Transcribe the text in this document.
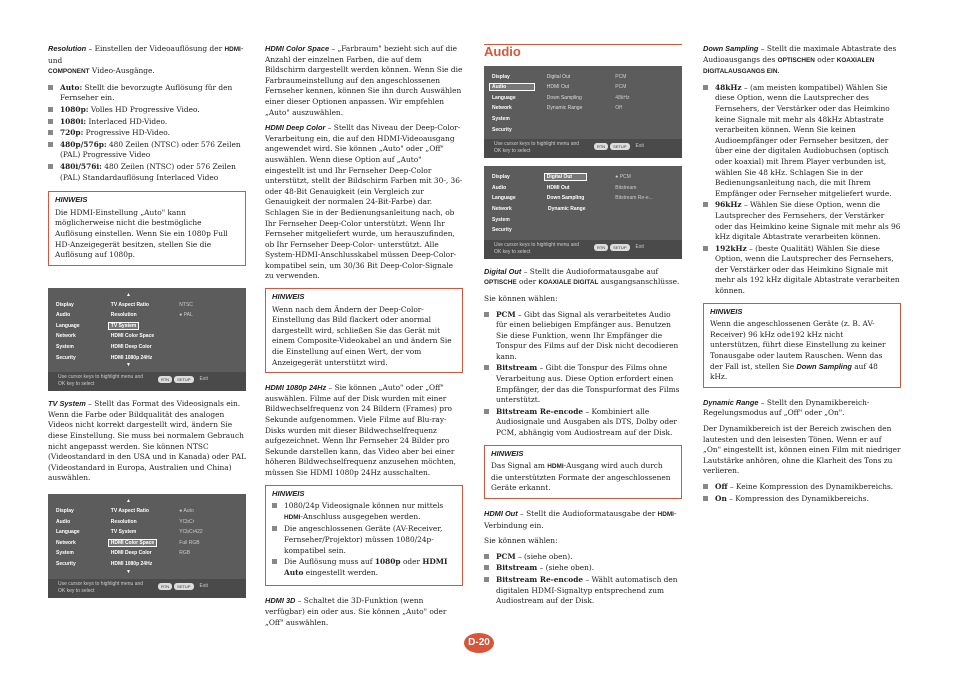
Resolution – Einstellen der Videoauflösung der HDMI- und
COMPONENT Video-Ausgänge.

Auto: Stellt die bevorzugte Auflösung für den Fernseher ein.
1080p: Volles HD Progressive Video.
1080i: Interlaced HD-Video.
720p: Progressive HD-Video.
480p/576p: 480 Zeilen (NTSC) oder 576 Zeilen (PAL) Progressive Video
480i/576i: 480 Zeilen (NTSC) oder 576 Zeilen (PAL) Standardauflösung Interlaced Video
HINWEIS
Die HDMI-Einstellung „Auto" kann möglicherweise nicht die bestmögliche Auflösung einstellen. Wenn Sie ein 1080p Full HD-Anzeigegerät besitzen, stellen Sie die Auflösung auf 1080p.
▲
Display	TV Aspect Ratio	NTSC
Audio	Resolution	● PAL
Language	TV System
Network	HDMI Color Space
System	HDMI Deep Color
Security	HDMI 1080p 24Hz
▼
Use cursor keys to highlight menu and
OK key to select
RTN	SETUP	Exit

TV System – Stellt das Format des Videosignals ein. Wenn die Farbe oder Bildqualität des analogen Videos nicht korrekt dargestellt wird, ändern Sie diese Einstellung. Sie muss bei normalem Gebrauch nicht angepasst werden. Sie können NTSC (Videostandard in den USA und in Kanada) oder PAL (Videostandard in Europa, Australien und China) auswählen.

▲
Display	TV Aspect Ratio	● Auto
Audio	Resolution	YCbCr
Language	TV System	YCbCr422
Network	HDMI Color Space	Full RGB
System	HDMI Deep Color	RGB
Security	HDMI 1080p 24Hz
▼
Use cursor keys to highlight menu and
OK key to select
RTN	SETUP	Exit

HDMI Color Space – „Farbraum" bezieht sich auf die Anzahl der einzelnen Farben, die auf dem Bildschirm dargestellt werden können. Wenn Sie die Farbraumeinstellung auf den angeschlossenen Fernseher kennen, können Sie ihn durch Auswählen einer dieser Optionen anpassen. Wir empfehlen „Auto" auszuwählen.

HDMI Deep Color – Stellt das Niveau der Deep-Color-Verarbeitung ein, die auf den HDMI-Videoausgang angewendet wird. Sie können „Auto" oder „Off" auswählen. Wenn diese Option auf „Auto" eingestellt ist und Ihr Fernseher Deep-Color unterstützt, stellt der Bildschirm Farben mit 30-, 36- oder 48-Bit Genauigkeit (ein Vergleich zur Genauigkeit der normalen 24-Bit-Farbe) dar. Schlagen Sie in der Bedienungsanleitung nach, ob Ihr Fernseher Deep-Color unterstützt. Wenn Ihr Fernseher mitgeliefert wurde, um herauszufinden, ob Ihr Fernseher Deep-Color- unterstützt. Alle System-HDMI-Anschlusskabel müssen Deep-Color-kompatibel sein, um 30/36 Bit Deep-Color-Signale zu verwenden.

HINWEIS
Wenn nach dem Ändern der Deep-Color-Einstellung das Bild flackert oder anormal dargestellt wird, schließen Sie das Gerät mit einem Composite-Videokabel an und ändern Sie die Einstellung auf einen Wert, der vom Anzeigegerät unterstützt wird.

HDMI 1080p 24Hz – Sie können „Auto" oder „Off" auswählen. Filme auf der Disk wurden mit einer Bildwechselfrequenz von 24 Bildern (Frames) pro Sekunde aufgenommen. Viele Filme auf Blu-ray-Disks wurden mit dieser Bildwechselfrequenz aufgezeichnet. Wenn Ihr Fernseher 24 Bilder pro Sekunde darstellen kann, das Video aber bei einer höheren Bildwechselfrequenz anzusehen möchten, müssen Sie HDMI 1080p 24Hz ausschalten.

HINWEIS
1080/24p Videosignale können nur mittels HDMI-Anschluss ausgegeben werden.
Die angeschlossenen Geräte (AV-Receiver, Fernseher/Projektor) müssen 1080/24p-kompatibel sein.
Die Auflösung muss auf 1080p oder HDMI Auto eingestellt werden.

HDMI 3D – Schaltet die 3D-Funktion (wenn verfügbar) ein oder aus. Sie können „Auto" oder „Off" auswählen.

Audio
Display	Digital Out	PCM
Audio	HDMI Out	PCM
Language	Down Sampling	48kHz
Network	Dynamic Range	Off
System
Security
Use cursor keys to highlight menu and
OK key to select
RTN	SETUP	Exit
Display	Digital Out	● PCM
Audio	HDMI Out	Bitstream
Language	Down Sampling	Bitstream Re-e...
Network	Dynamic Range
System
Security
Use cursor keys to highlight menu and
OK key to select
RTN	SETUP	Exit

Digital Out – Stellt die Audioformatausgabe auf OPTISCHE oder KOAXIALE DIGITAL ausgangsanschlüsse.

Sie können wählen:

PCM – Gibt das Signal als verarbeitetes Audio für einen beliebigen Empfänger aus. Benutzen Sie diese Funktion, wenn Ihr Empfänger die Tonspur des Films auf der Disk nicht decodieren kann.
Bitstream – Gibt die Tonspur des Films ohne Verarbeitung aus. Diese Option erfordert einen Empfänger, der das die Tonspurformat des Films unterstützt.
Bitstream Re-encode – Kombiniert alle Audiosignale und Ausgaben als DTS, Dolby oder PCM, abhängig vom Audiostream auf der Disk.
HINWEIS
Das Signal am HDMI-Ausgang wird auch durch die unterstützten Formate der angeschlossenen Geräte erkannt.

HDMI Out – Stellt die Audioformatausgabe der HDMI-Verbindung ein.

Sie können wählen:

PCM – (siehe oben).
Bitstream – (siehe oben).
Bitstream Re-encode – Wählt automatisch den digitalen HDMI-Signaltyp entsprechend zum Audiostream auf der Disk.

Down Sampling – Stellt die maximale Abtastrate des Audioausgangs des OPTISCHEN oder KOAXIALEN DIGITALAUSGANGS EIN.

48kHz – (am meisten kompatibel) Wählen Sie diese Option, wenn die Lautsprecher des Fernsehers, der Verstärker oder das Heimkino keine Signale mit mehr als 48kHz Abtastrate verarbeiten können. Wenn Sie keinen Audioempfänger oder Fernseher besitzen, der über eine der digitalen Audiobuchsen (optisch oder koaxial) mit Ihrem Player verbunden ist, wählen Sie 48 kHz. Schlagen Sie in der Bedienungsanleitung nach, die mit Ihrem Empfänger oder Fernseher mitgeliefert wurde.
96kHz – Wählen Sie diese Option, wenn die Lautsprecher des Fernsehers, der Verstärker oder das Heimkino keine Signale mit mehr als 96 kHz digitale Abtastrate verarbeiten können.
192kHz – (beste Qualität) Wählen Sie diese Option, wenn die Lautsprecher des Fernsehers, der Verstärker oder das Heimkino Signale mit mehr als 192 kHz digitale Abtastrate verarbeiten können.
HINWEIS
Wenn die angeschlossenen Geräte (z. B. AV-Receiver) 96 kHz ode192 kHz nicht unterstützen, führt diese Einstellung zu keiner Tonausgabe oder lautem Rauschen. Wenn das der Fall ist, stellen Sie Down Sampling auf 48 kHz.

Dynamic Range – Stellt den Dynamikbereich-Regelungsmodus auf „Off" oder „On".

Der Dynamikbereich ist der Bereich zwischen den lautesten und den leisesten Tönen. Wenn er auf „On" eingestellt ist, können einen Film mit niedriger Lautstärke anhören, ohne die Klarheit des Tons zu verlieren.

Off – Keine Kompression des Dynamikbereichs.
On – Kompression des Dynamikbereichs.
D-20
